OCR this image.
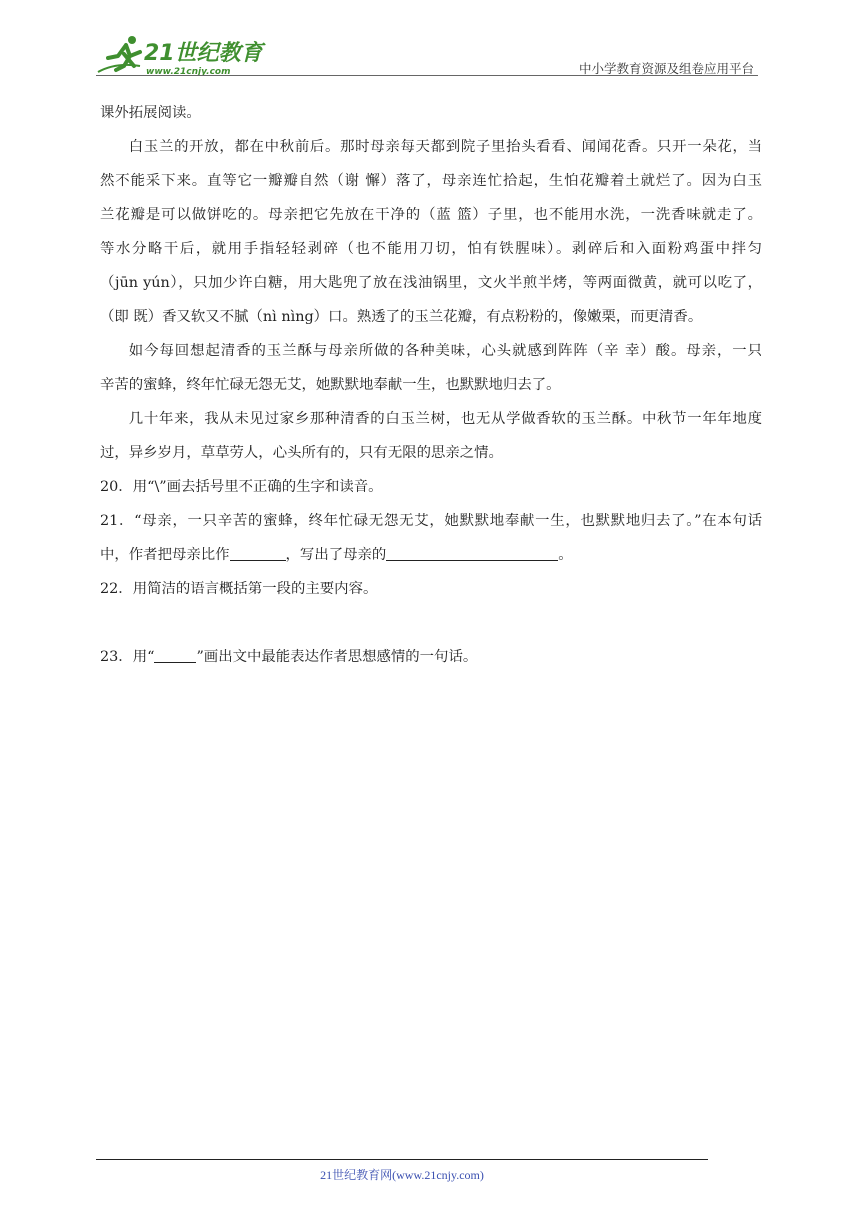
21世纪教育
www.21cnjy.com	中小学教育资源及组卷应用平台

课外拓展阅读。

白玉兰的开放，都在中秋前后。那时母亲每天都到院子里抬头看看、闻闻花香。只开一朵花，当

然不能采下来。直等它一瓣瓣自然（谢 懈）落了，母亲连忙拾起，生怕花瓣着土就烂了。因为白玉

兰花瓣是可以做饼吃的。母亲把它先放在干净的（蓝 篮）子里，也不能用水洗，一洗香味就走了。

等水分略干后，就用手指轻轻剥碎（也不能用刀切，怕有铁腥味）。剥碎后和入面粉鸡蛋中拌匀

（jūn yún），只加少许白糖，用大匙兜了放在浅油锅里，文火半煎半烤，等两面微黄，就可以吃了，

（即 既）香又软又不腻（nì nìng）口。熟透了的玉兰花瓣，有点粉粉的，像嫩栗，而更清香。

如今每回想起清香的玉兰酥与母亲所做的各种美味，心头就感到阵阵（辛 幸）酸。母亲，一只

辛苦的蜜蜂，终年忙碌无怨无艾，她默默地奉献一生，也默默地归去了。

几十年来，我从未见过家乡那种清香的白玉兰树，也无从学做香软的玉兰酥。中秋节一年年地度

过，异乡岁月，草草劳人，心头所有的，只有无限的思亲之情。

20．用“\”画去括号里不正确的生字和读音。

21．“母亲，一只辛苦的蜜蜂，终年忙碌无怨无艾，她默默地奉献一生，也默默地归去了。”在本句话

中，作者把母亲比作	，写出了母亲的	。

22．用简洁的语言概括第一段的主要内容。

23．用“	”画出文中最能表达作者思想感情的一句话。

21世纪教育网(www.21cnjy.com)
